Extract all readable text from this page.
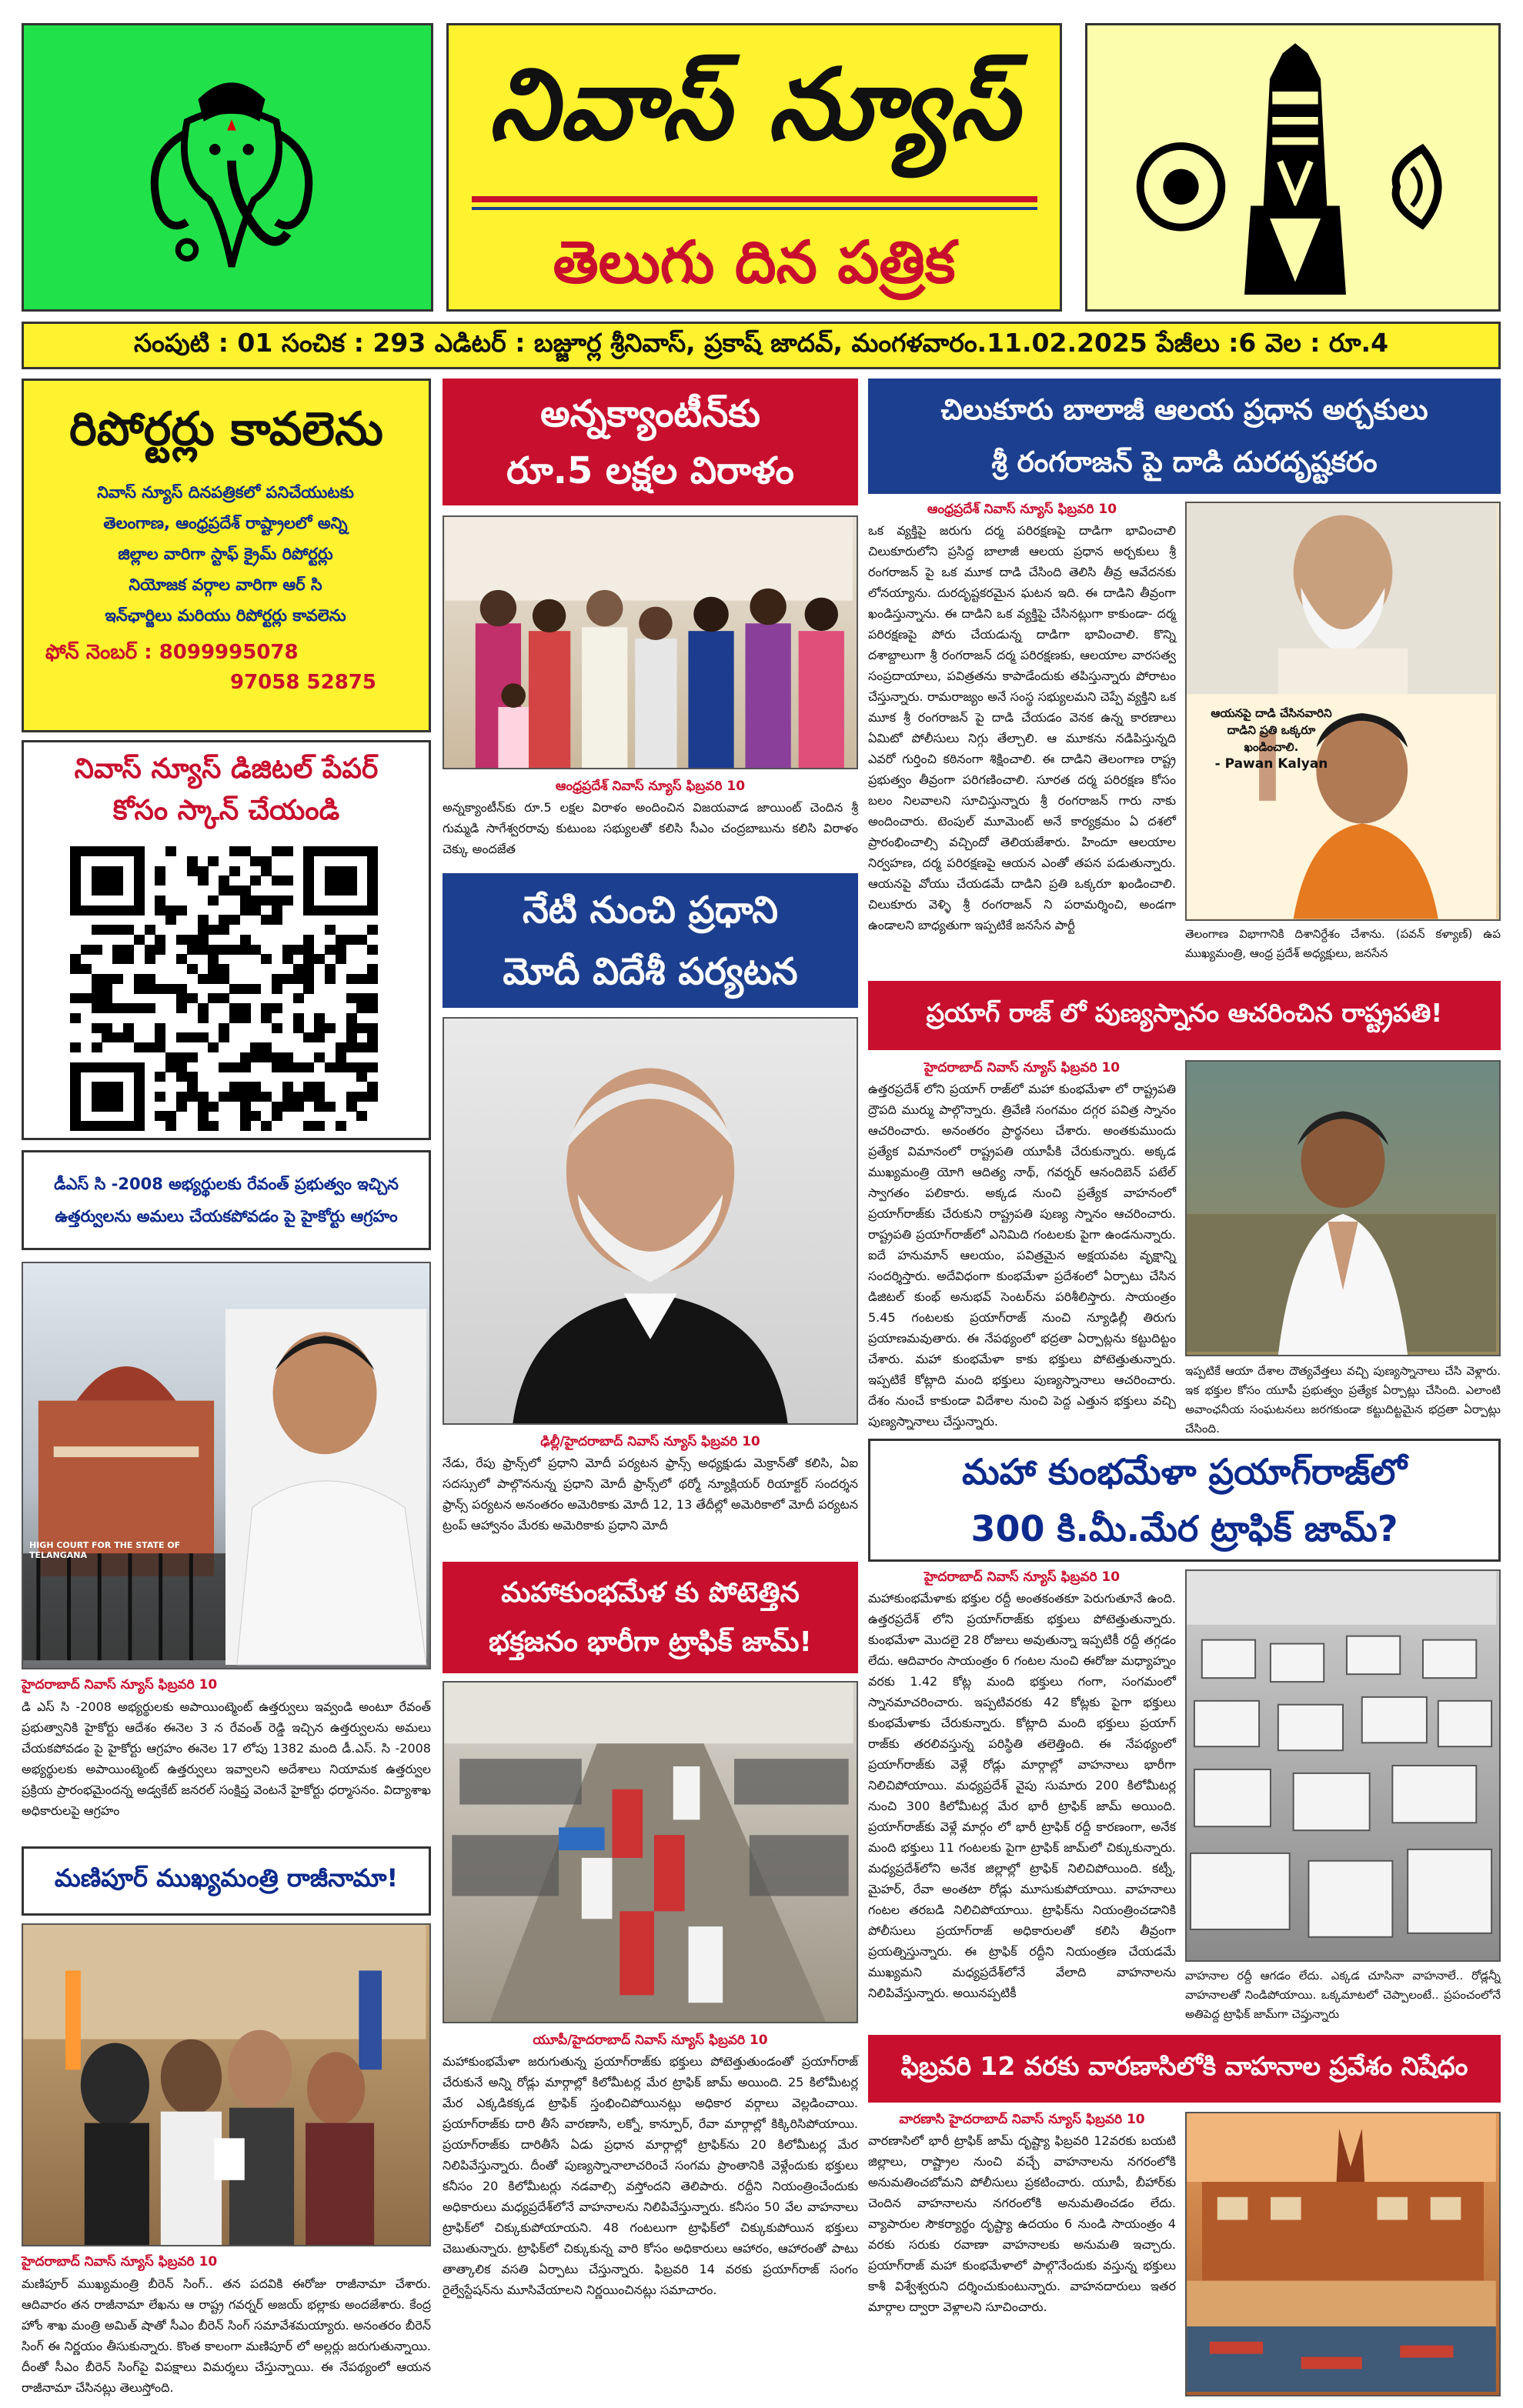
నివాస్ న్యూస్
తెలుగు దిన పత్రిక
సంపుటి : 01 సంచిక : 293 ఎడిటర్ : బజ్జూర్ల శ్రీనివాస్, ప్రకాష్ జాదవ్, మంగళవారం.11.02.2025 పేజీలు :6 వెల : రూ.4
రిపోర్టర్లు కావలెను
నివాస్ న్యూస్ దినపత్రికలో పనిచేయుటకు
తెలంగాణ, ఆంధ్రప్రదేశ్ రాష్ట్రాలలో అన్ని
జిల్లాల వారిగా స్టాఫ్ క్రైమ్ రిపోర్టర్లు
నియోజక వర్గాల వారిగా ఆర్ సి
ఇన్‌ఛార్జిలు మరియు రిపోర్టర్లు కావలెను
ఫోన్ నెంబర్ : 8099995078
97058 52875
నివాస్ న్యూస్ డిజిటల్ పేపర్
కోసం స్కాన్ చేయండి
డీఎస్ సి -2008 అభ్యర్థులకు రేవంత్ ప్రభుత్వం ఇచ్చిన
ఉత్తర్వులను అమలు చేయకపోవడం పై హైకోర్టు ఆగ్రహం
HIGH COURT FOR THE STATE OF TELANGANA
హైదరాబాద్ నివాస్ న్యూస్ ఫిబ్రవరి 10
డి ఎస్ సి -2008 అభ్యర్థులకు అపాయింట్మెంట్ ఉత్తర్వులు ఇవ్వండి అంటూ రేవంత్ ప్రభుత్వానికి హైకోర్టు ఆదేశం ఈనెల 3 న రేవంత్ రెడ్డి ఇచ్చిన ఉత్తర్వులను అమలు చేయకపోవడం పై హైకోర్టు ఆగ్రహం ఈనెల 17 లోపు 1382 మంది డీ.ఎస్. సి -2008 అభ్యర్థులకు అపాయింట్మెంట్ ఉత్తర్వులు ఇవ్వాలని అదేశాలు నియామక ఉత్తర్వుల ప్రక్రియ ప్రారంభమైందన్న అడ్వకేట్ జనరల్ సంక్షిప్త వెంటనే హైకోర్టు ధర్మాసనం. విద్యాశాఖ అధికారులపై ఆగ్రహం
మణిపూర్ ముఖ్యమంత్రి రాజీనామా!
హైదరాబాద్ నివాస్ న్యూస్ ఫిబ్రవరి 10
మణిపూర్ ముఖ్యమంత్రి బీరెన్ సింగ్.. తన పదవికి ఈరోజు రాజీనామా చేశారు. ఆదివారం తన రాజీనామా లేఖను ఆ రాష్ట్ర గవర్నర్ అజయ్ భల్లాకు అందజేశారు. కేంద్ర హోం శాఖ మంత్రి అమిత్ షాతో సీఎం బీరెన్ సింగ్ సమావేశమయ్యారు. అనంతరం బీరెన్ సింగ్ ఈ నిర్ణయం తీసుకున్నారు. కొంత కాలంగా మణిపూర్ లో అల్లర్లు జరుగుతున్నాయి. దీంతో సీఎం బీరెన్ సింగ్‌పై విపక్షాలు విమర్శలు చేస్తున్నాయి. ఈ నేపథ్యంలో ఆయన రాజీనామా చేసినట్లు తెలుస్తోంది.
అన్నక్యాంటీన్‌కు
రూ.5 లక్షల విరాళం
ఆంధ్రప్రదేశ్ నివాస్ న్యూస్ ఫిబ్రవరి 10
అన్నక్యాంటీన్‌కు రూ.5 లక్షల విరాళం అందించిన విజయవాడ జాయింట్ చెందిన శ్రీ గుమ్మడి సాగేశ్వరరావు కుటుంబ సభ్యులతో కలిసి సీఎం చంద్రబాబును కలిసి విరాళం చెక్కు అందజేత
నేటి నుంచి ప్రధాని
మోదీ విదేశీ పర్యటన
ఢిల్లీ/హైదరాబాద్ నివాస్ న్యూస్ ఫిబ్రవరి 10
నేడు, రేపు ఫ్రాన్స్‌లో ప్రధాని మోదీ పర్యటన ఫ్రాన్స్ అధ్యక్షుడు మెక్రాన్‌తో కలిసి, ఏఐ సదస్సులో పాల్గొననున్న ప్రధాని మోదీ ఫ్రాన్స్‌లో థర్మో న్యూక్లియర్ రియాక్టర్ సందర్శన ఫ్రాన్స్ పర్యటన అనంతరం అమెరికాకు మోదీ 12, 13 తేదీల్లో అమెరికాలో మోదీ పర్యటన ట్రంప్ ఆహ్వానం మేరకు అమెరికాకు ప్రధాని మోదీ
మహాకుంభమేళ కు పోటెత్తిన
భక్తజనం భారీగా ట్రాఫిక్ జామ్!
యూపీ/హైదరాబాద్ నివాస్ న్యూస్ ఫిబ్రవరి 10
మహాకుంభమేళా జరుగుతున్న ప్రయాగ్‌రాజ్‌కు భక్తులు పోటెత్తుతుండంతో ప్రయాగ్‌రాజ్ చేరుకునే అన్ని రోడ్లు మార్గాల్లో కిలోమీటర్ల మేర ట్రాఫిక్ జామ్ అయింది. 25 కిలోమీటర్ల మేర ఎక్కడికక్కడ ట్రాఫిక్ స్తంభించిపోయినట్లు అధికార వర్గాలు వెల్లడించాయి. ప్రయాగ్‌రాజ్‌కు దారి తీసే వారణాసి, లక్నో, కాన్పూర్, రేవా మార్గాల్లో కిక్కిరిసిపోయాయి. ప్రయాగ్‌రాజ్‌కు దారితీసే ఏడు ప్రధాన మార్గాల్లో ట్రాఫిక్‌ను 20 కిలోమీటర్ల మేర నిలిపివేస్తున్నారు. దీంతో పుణ్యస్నానాలాచరించే సంగమ ప్రాంతానికి వెళ్లేందుకు భక్తులు కనీసం 20 కిలోమీటర్లు నడవాల్సి వస్తోందని తెలిపారు. రద్దీని నియంత్రించేందుకు అధికారులు మధ్యప్రదేశ్‌లోనే వాహనాలను నిలిపివేస్తున్నారు. కనీసం 50 వేల వాహనాలు ట్రాఫిక్‌లో చిక్కుకుపోయాయని. 48 గంటలుగా ట్రాఫిక్‌లో చిక్కుకుపోయిన భక్తులు చెబుతున్నారు. ట్రాఫిక్‌లో చిక్కుకున్న వారి కోసం అధికారులు ఆహారం, ఆహారంతో పాటు తాత్కాలిక వసతి ఏర్పాటు చేస్తున్నారు. ఫిబ్రవరి 14 వరకు ప్రయాగ్‌రాజ్ సంగం రైల్వేస్టేషన్‌ను మూసివేయాలని నిర్ణయించినట్లు సమాచారం.
చిలుకూరు బాలాజీ ఆలయ ప్రధాన అర్చకులు
శ్రీ రంగరాజన్ పై దాడి దురదృష్టకరం
ఆంధ్రప్రదేశ్ నివాస్ న్యూస్ ఫిబ్రవరి 10
ఒక వ్యక్తిపై జరుగు దర్మ పరిరక్షణపై దాడిగా భావించాలి చిలుకూరులోని ప్రసిద్ద బాలాజీ ఆలయ ప్రధాన అర్చకులు శ్రీ రంగరాజన్ పై ఒక మూక దాడి చేసింది తెలిసి తీవ్ర ఆవేదనకు లోనయ్యాను. దురదృష్టకరమైన ఘటన ఇది. ఈ దాడిని తీవ్రంగా ఖండిస్తున్నాను. ఈ దాడిని ఒక వ్యక్తిపై చేసినట్లుగా కాకుండా- దర్మ పరిరక్షణపై పోరు చేయడున్న దాడిగా భావించాలి. కొన్ని దశాబ్దాలుగా శ్రీ రంగరాజన్ దర్మ పరిరక్షణకు, ఆలయాల వారసత్వ సంప్రదాయాలు, పవిత్రతను కాపాడేందుకు తపిస్తున్నారు పోరాటం చేస్తున్నారు. రామరాజ్యం అనే సంస్థ సభ్యులమని చెప్పే వ్యక్తిని ఒక మూక శ్రీ రంగరాజన్ పై దాడి చేయడం వెనక ఉన్న కారణాలు ఏమిటో పోలీసులు నిగ్గు తేల్చాలి. ఆ మూకను నడిపిస్తున్నది ఎవరో గుర్తించి కఠినంగా శిక్షించాలి. ఈ దాడిని తెలంగాణ రాష్ట్ర ప్రభుత్వం తీవ్రంగా పరిగణించాలి. సూరత దర్మ పరిరక్షణ కోసం బలం నిలవాలని సూచిస్తున్నారు శ్రీ రంగరాజన్ గారు నాకు అందించారు. టెంపుల్ మూమెంట్ అనే కార్యక్రమం ఏ దశలో ప్రారంభించాల్సి వచ్చిందో తెలియజేశారు. హిందూ ఆలయాల నిర్వహణ, దర్మ పరిరక్షణపై ఆయన ఎంతో తపన పడుతున్నారు. ఆయనపై వోయు చేయడమే దాడిని ప్రతి ఒక్కరూ ఖండించాలి. చిలుకూరు వెళ్ళి శ్రీ రంగరాజన్ ని పరామర్శించి, అండగా ఉండాలని బాధ్యతుగా ఇప్పటికే జనసేన పార్టీ
ఆయనపై దాడి చేసినవారిని
దాడిని ప్రతి ఒక్కరూ
ఖండించాలి.
- Pawan Kalyan
తెలంగాణ విభాగానికి దిశానిర్దేశం చేశాను. (పవన్ కళ్యాణ్) ఉప ముఖ్యమంత్రి, ఆంధ్ర ప్రదేశ్ అధ్యక్షులు, జనసేన
ప్రయాగ్ రాజ్ లో పుణ్యస్నానం ఆచరించిన రాష్ట్రపతి!
హైదరాబాద్ నివాస్ న్యూస్ ఫిబ్రవరి 10
ఉత్తరప్రదేశ్ లోని ప్రయాగ్ రాజ్‌లో మహా కుంభమేళా లో రాష్ట్రపతి ద్రౌపది ముర్ము పాల్గొన్నారు. త్రివేణి సంగమం దగ్గర పవిత్ర స్నానం ఆచరించారు. అనంతరం ప్రార్థనలు చేశారు. అంతకుముందు ప్రత్యేక విమానంలో రాష్ట్రపతి యూపీకి చేరుకున్నారు. అక్కడ ముఖ్యమంత్రి యోగి ఆదిత్య నాథ్, గవర్నర్ ఆనందిబెన్ పటేల్ స్వాగతం పలికారు. అక్కడ నుంచి ప్రత్యేక వాహనంలో ప్రయాగ్‌రాజ్‌కు చేరుకుని రాష్ట్రపతి పుణ్య స్నానం ఆచరించారు. రాష్ట్రపతి ప్రయాగ్‌రాజ్‌లో ఎనిమిది గంటలకు పైగా ఉండనున్నారు. ఐదే హనుమాన్ ఆలయం, పవిత్రమైన అక్షయవట వృక్షాన్ని సందర్శిస్తారు. అదేవిధంగా కుంభమేళా ప్రదేశంలో ఏర్పాటు చేసిన డిజిటల్ కుంభ్ అనుభవ్ సెంటర్‌ను పరిశీలిస్తారు. సాయంత్రం 5.45 గంటలకు ప్రయాగ్‌రాజ్ నుంచి న్యూఢిల్లీ తిరుగు ప్రయాణమవుతారు. ఈ నేపథ్యంలో భద్రతా ఏర్పాట్లను కట్టుదిట్టం చేశారు. మహా కుంభమేళా కాకు భక్తులు పోటెత్తుతున్నారు. ఇప్పటికే కోట్లాది మంది భక్తులు పుణ్యస్నానాలు ఆచరించారు. దేశం నుంచే కాకుండా విదేశాల నుంచి పెద్ద ఎత్తున భక్తులు వచ్చి పుణ్యస్నానాలు చేస్తున్నారు.
ఇప్పటికే ఆయా దేశాల దౌత్యవేత్తలు వచ్చి పుణ్యస్నానాలు చేసి వెళ్లారు. ఇక భక్తుల కోసం యూపీ ప్రభుత్వం ప్రత్యేక ఏర్పాట్లు చేసింది. ఎలాంటి అవాంఛనీయ సంఘటనలు జరగకుండా కట్టుదిట్టమైన భద్రతా ఏర్పాట్లు చేసింది.
మహా కుంభమేళా ప్రయాగ్‌రాజ్‌లో
300 కి.మీ.మేర ట్రాఫిక్ జామ్?
హైదరాబాద్ నివాస్ న్యూస్ ఫిబ్రవరి 10
మహాకుంభమేళాకు భక్తుల రద్దీ అంతకంతకూ పెరుగుతూనే ఉంది. ఉత్తరప్రదేశ్ లోని ప్రయాగ్‌రాజ్‌కు భక్తులు పోటెత్తుతున్నారు. కుంభమేళా మొదలై 28 రోజులు అవుతున్నా ఇప్పటికీ రద్దీ తగ్గడం లేదు. ఆదివారం సాయంత్రం 6 గంటల నుంచి ఈరోజు మధ్యాహ్నం వరకు 1.42 కోట్ల మంది భక్తులు గంగా, సంగమంలో స్నానమాచరించారు. ఇప్పటివరకు 42 కోట్లకు పైగా భక్తులు కుంభమేళాకు చేరుకున్నారు. కోట్లాది మంది భక్తులు ప్రయాగ్ రాజ్‌కు తరలివస్తున్న పరిస్థితి తలెత్తింది. ఈ నేపథ్యంలో ప్రయాగ్‌రాజ్‌కు వెళ్లే రోడ్లు మార్గాల్లో వాహనాలు భారీగా నిలిచిపోయాయి. మధ్యప్రదేశ్ వైపు సుమారు 200 కిలోమీటర్ల నుంచి 300 కిలోమీటర్ల మేర భారీ ట్రాఫిక్ జామ్ అయింది. ప్రయాగ్‌రాజ్‌కు వెళ్లే మార్గం లో భారీ ట్రాఫిక్ రద్దీ కారణంగా, అనేక మంది భక్తులు 11 గంటలకు పైగా ట్రాఫిక్ జామ్‌లో చిక్కుకున్నారు. మధ్యప్రదేశ్‌లోని అనేక జిల్లాల్లో ట్రాఫిక్ నిలిచిపోయింది. కట్నీ, మైహర్, రేవా అంతటా రోడ్లు మూసుకుపోయాయి. వాహనాలు గంటల తరబడి నిలిచిపోయాయి. ట్రాఫిక్‌ను నియంత్రించడానికి పోలీసులు ప్రయాగ్‌రాజ్ అధికారులతో కలిసి తీవ్రంగా ప్రయత్నిస్తున్నారు. ఈ ట్రాఫిక్ రద్దీని నియంత్రణ చేయడమే ముఖ్యమని మధ్యప్రదేశ్‌లోనే వేలాది వాహనాలను నిలిపివేస్తున్నారు. అయినప్పటికీ
వాహనాల రద్దీ ఆగడం లేదు. ఎక్కడ చూసినా వాహనాలే.. రోడ్లన్నీ వాహనాలతో నిండిపోయాయి. ఒక్కమాటలో చెప్పాలంటే.. ప్రపంచంలోనే అతిపెద్ద ట్రాఫిక్ జామ్‌గా చెప్తున్నారు
ఫిబ్రవరి 12 వరకు వారణాసిలోకి వాహనాల ప్రవేశం నిషేధం
వారణాసి హైదరాబాద్ నివాస్ న్యూస్ ఫిబ్రవరి 10
వారణాసిలో భారీ ట్రాఫిక్ జామ్ దృష్ట్యా ఫిబ్రవరి 12వరకు బయటి జిల్లాలు, రాష్ట్రాల నుంచి వచ్చే వాహనాలను నగరంలోకి అనుమతించబోమని పోలీసులు ప్రకటించారు. యూపీ, బీహార్‌కు చెందిన వాహనాలను నగరంలోకి అనుమతించడం లేదు. వ్యాపారుల సౌకర్యార్థం దృష్ట్యా ఉదయం 6 నుండి సాయంత్రం 4 వరకు సరుకు రవాణా వాహనాలకు అనుమతి ఇచ్చారు. ప్రయాగ్‌రాజ్ మహా కుంభమేళాలో పాల్గొనేందుకు వస్తున్న భక్తులు కాశీ విశ్వేశ్వరుని దర్శించుకుంటున్నారు. వాహనదారులు ఇతర మార్గాల ద్వారా వెళ్లాలని సూచించారు.
